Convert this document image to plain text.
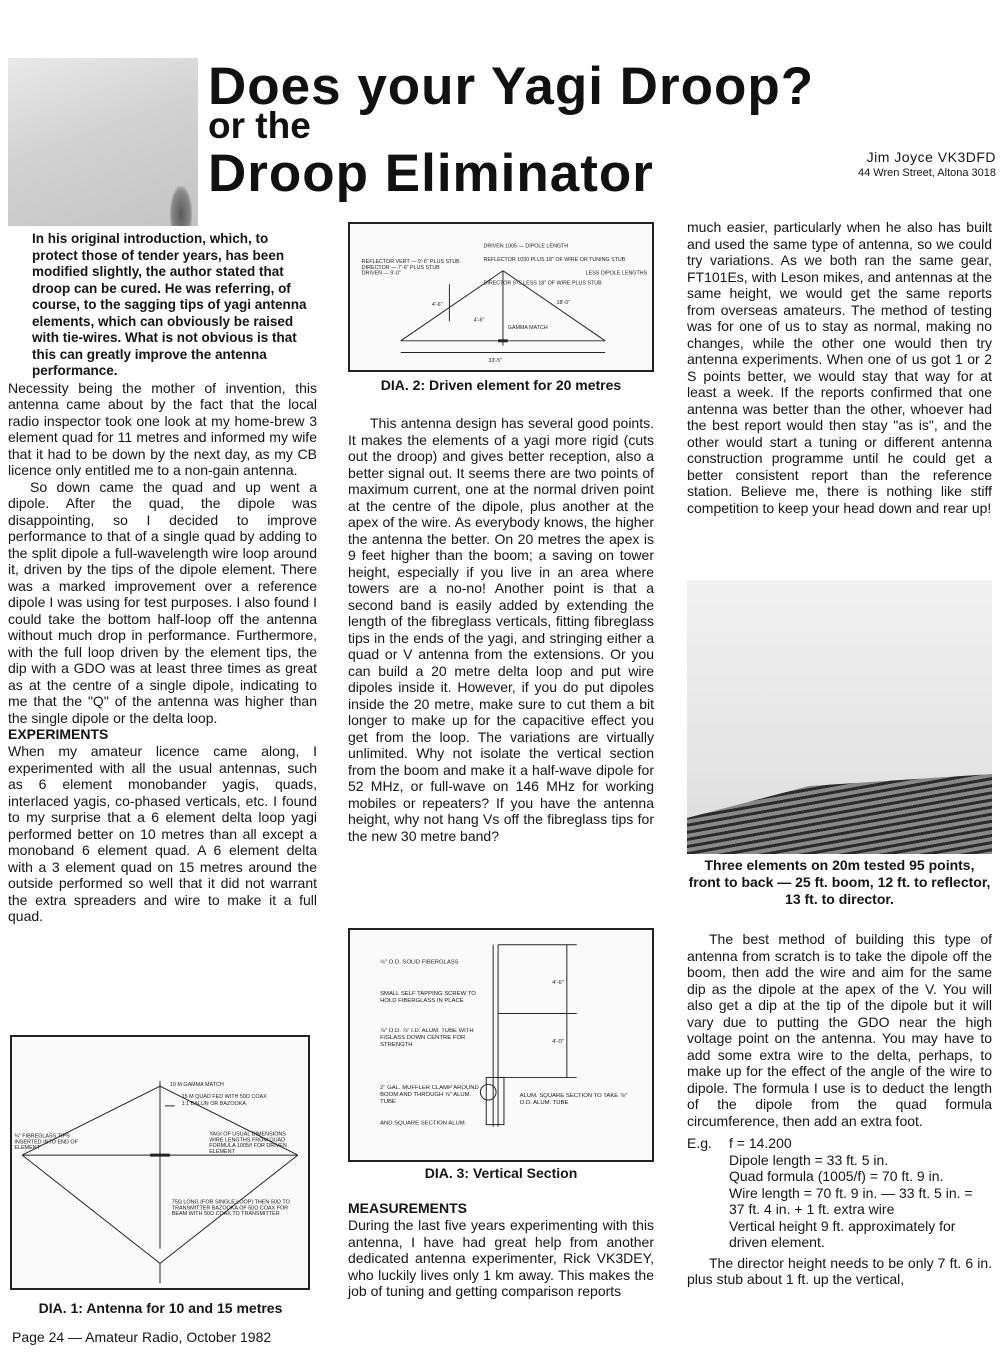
Does your Yagi Droop?
or the
Droop Eliminator	Jim Joyce VK3DFD
44 Wren Street, Altona 3018

In his original introduction, which, to protect those of tender years, has been modified slightly, the author stated that droop can be cured. He was referring, of course, to the sagging tips of yagi antenna elements, which can obviously be raised with tie-wires. What is not obvious is that this can greatly improve the antenna performance.

Necessity being the mother of invention, this antenna came about by the fact that the local radio inspector took one look at my home-brew 3 element quad for 11 metres and informed my wife that it had to be down by the next day, as my CB licence only entitled me to a non-gain antenna.

So down came the quad and up went a dipole. After the quad, the dipole was disappointing, so I decided to improve performance to that of a single quad by adding to the split dipole a full-wavelength wire loop around it, driven by the tips of the dipole element. There was a marked improvement over a reference dipole I was using for test purposes. I also found I could take the bottom half-loop off the antenna without much drop in performance. Furthermore, with the full loop driven by the element tips, the dip with a GDO was at least three times as great as at the centre of a single dipole, indicating to me that the "Q" of the antenna was higher than the single dipole or the delta loop.

EXPERIMENTS

When my amateur licence came along, I experimented with all the usual antennas, such as 6 element monobander yagis, quads, interlaced yagis, co-phased verticals, etc. I found to my surprise that a 6 element delta loop yagi performed better on 10 metres than all except a monoband 6 element quad. A 6 element delta with a 3 element quad on 15 metres around the outside performed so well that it did not warrant the extra spreaders and wire to make it a full quad.

10 M GAMMA MATCH
15 M QUAD FED WITH 50Ω COAX
1:1 BALUN OR BAZOOKA
¾" FIBREGLASS TIPS INSERTED INTO END OF ELEMENT
YAGI OF USUAL DIMENSIONS WIRE LENGTHS FROM QUAD FORMULA 1005/f FOR DRIVEN ELEMENT
75Ω LONG (FOR SINGLE LOOP) THEN 50Ω TO TRANSMITTER BAZOOKA OF 50Ω COAX FOR BEAM WITH 50Ω COAX TO TRANSMITTER
DIA. 1: Antenna for 10 and 15 metres
REFLECTOR VERT — 9'-6" PLUS STUB
DIRECTOR — 7'-6" PLUS STUB
DRIVEN — 9'-0"
DRIVEN 1005 — DIPOLE LENGTH
REFLECTOR 1030 PLUS 18" OF WIRE OR TUNING STUB
DIRECTOR 975 LESS 18" OF WIRE PLUS STUB
LESS DIPOLE LENGTHS
GAMMA MATCH
4'-6"
4'-6"
33'-5"
18'-0"
DIA. 2: Driven element for 20 metres

This antenna design has several good points. It makes the elements of a yagi more rigid (cuts out the droop) and gives better reception, also a better signal out. It seems there are two points of maximum current, one at the normal driven point at the centre of the dipole, plus another at the apex of the wire. As everybody knows, the higher the antenna the better. On 20 metres the apex is 9 feet higher than the boom; a saving on tower height, especially if you live in an area where towers are a no-no! Another point is that a second band is easily added by extending the length of the fibreglass verticals, fitting fibreglass tips in the ends of the yagi, and stringing either a quad or V antenna from the extensions. Or you can build a 20 metre delta loop and put wire dipoles inside it. However, if you do put dipoles inside the 20 metre, make sure to cut them a bit longer to make up for the capacitive effect you get from the loop. The variations are virtually unlimited. Why not isolate the vertical section from the boom and make it a half-wave dipole for 52 MHz, or full-wave on 146 MHz for working mobiles or repeaters? If you have the antenna height, why not hang Vs off the fibreglass tips for the new 30 metre band?

½" O.D. SOLID FIBERGLASS
SMALL SELF TAPPING SCREW TO HOLD FIBERGLASS IN PLACE
⅞" O.D. ⅞" I.D. ALUM. TUBE WITH F/GLASS DOWN CENTRE FOR STRENGTH
2" GAL. MUFFLER CLAMP AROUND BOOM AND THROUGH ⅞" ALUM. TUBE
AND SQUARE SECTION ALUM.
ALUM. SQUARE SECTION TO TAKE ⅞" O.D. ALUM. TUBE
4'-6"
4'-0"
DIA. 3: Vertical Section

MEASUREMENTS

During the last five years experimenting with this antenna, I have had great help from another dedicated antenna experimenter, Rick VK3DEY, who luckily lives only 1 km away. This makes the job of tuning and getting comparison reports

much easier, particularly when he also has built and used the same type of antenna, so we could try variations. As we both ran the same gear, FT101Es, with Leson mikes, and antennas at the same height, we would get the same reports from overseas amateurs. The method of testing was for one of us to stay as normal, making no changes, while the other one would then try antenna experiments. When one of us got 1 or 2 S points better, we would stay that way for at least a week. If the reports confirmed that one antenna was better than the other, whoever had the best report would then stay "as is", and the other would start a tuning or different antenna construction programme until he could get a better consistent report than the reference station. Believe me, there is nothing like stiff competition to keep your head down and rear up!

Three elements on 20m tested 95 points, front to back — 25 ft. boom, 12 ft. to reflector, 13 ft. to director.

The best method of building this type of antenna from scratch is to take the dipole off the boom, then add the wire and aim for the same dip as the dipole at the apex of the V. You will also get a dip at the tip of the dipole but it will vary due to putting the GDO near the high voltage point on the antenna. You may have to add some extra wire to the delta, perhaps, to make up for the effect of the angle of the wire to dipole. The formula I use is to deduct the length of the dipole from the quad formula circumference, then add an extra foot.

E.g.	f = 14.200
Dipole length = 33 ft. 5 in.
Quad formula (1005/f) = 70 ft. 9 in.
Wire length = 70 ft. 9 in. — 33 ft. 5 in. = 37 ft. 4 in. + 1 ft. extra wire
Vertical height 9 ft. approximately for driven element.

The director height needs to be only 7 ft. 6 in. plus stub about 1 ft. up the vertical,

Page 24 — Amateur Radio, October 1982
